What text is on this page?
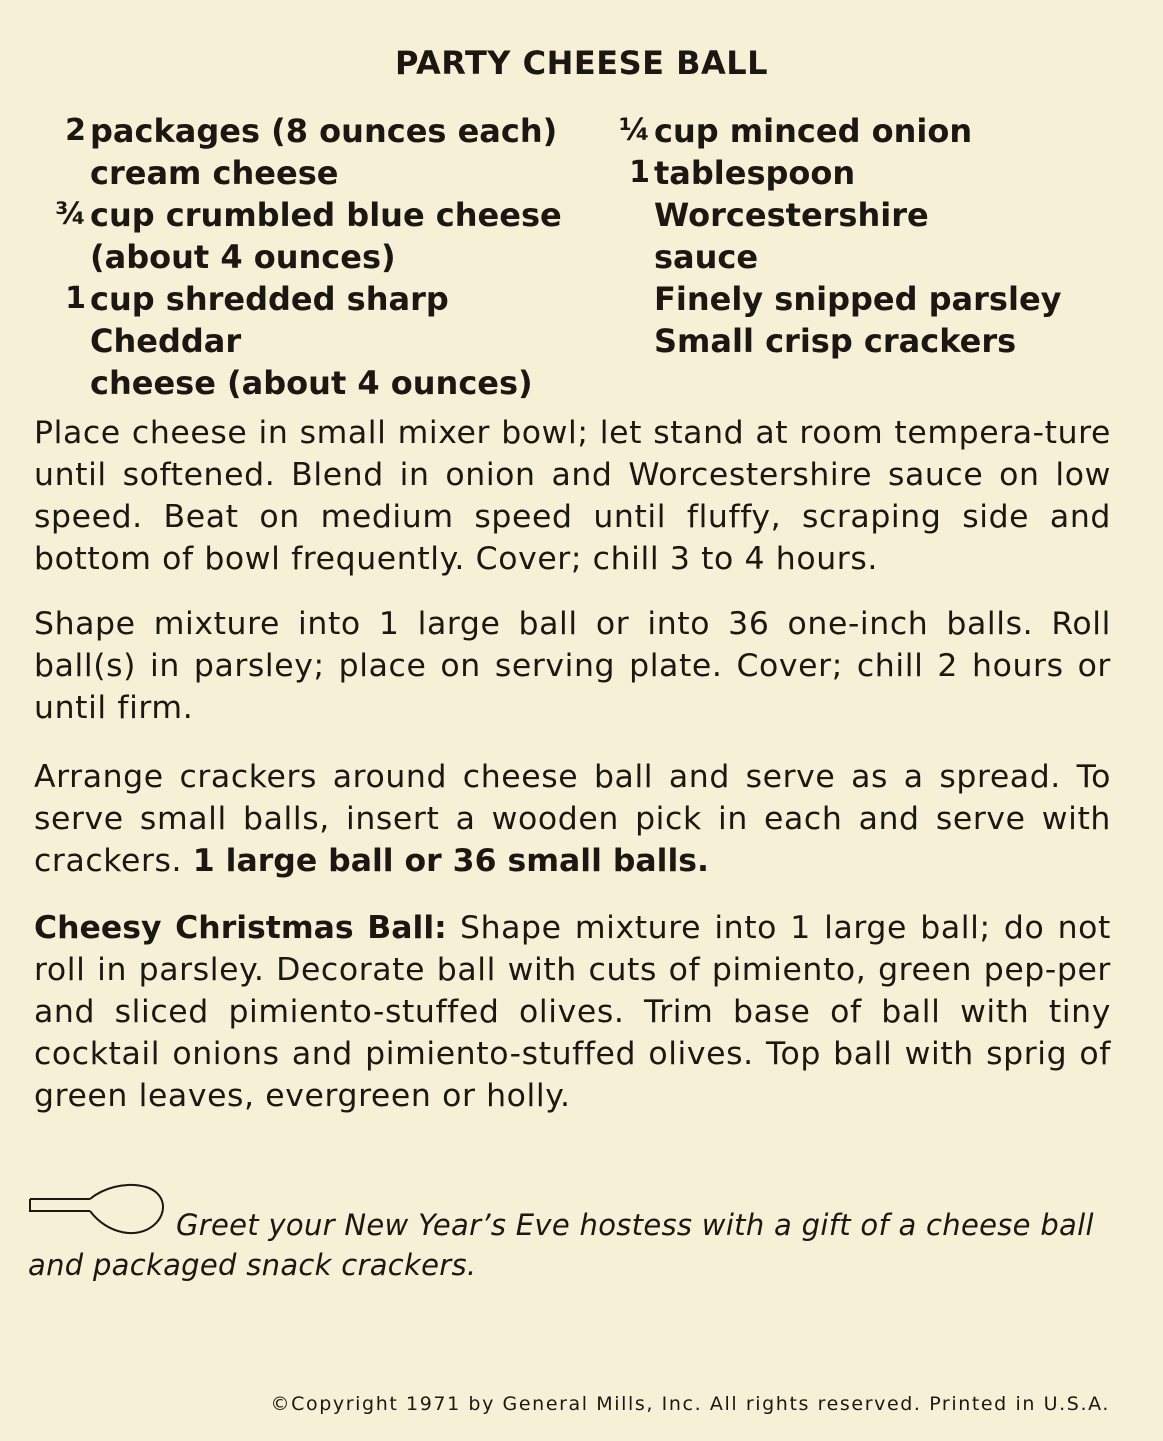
PARTY CHEESE BALL
2 packages (8 ounces each)
cream cheese
¾ cup crumbled blue cheese
(about 4 ounces)
1 cup shredded sharp Cheddar
cheese (about 4 ounces)
¼ cup minced onion
1 tablespoon Worcestershire
sauce
Finely snipped parsley
Small crisp crackers

Place cheese in small mixer bowl; let stand at room tempera-ture until softened. Blend in onion and Worcestershire sauce on low speed. Beat on medium speed until fluffy, scraping side and bottom of bowl frequently. Cover; chill 3 to 4 hours.

Shape mixture into 1 large ball or into 36 one-inch balls. Roll ball(s) in parsley; place on serving plate. Cover; chill 2 hours or until firm.

Arrange crackers around cheese ball and serve as a spread. To serve small balls, insert a wooden pick in each and serve with crackers. 1 large ball or 36 small balls.

Cheesy Christmas Ball: Shape mixture into 1 large ball; do not roll in parsley. Decorate ball with cuts of pimiento, green pep-per and sliced pimiento-stuffed olives. Trim base of ball with tiny cocktail onions and pimiento-stuffed olives. Top ball with sprig of green leaves, evergreen or holly.

Greet your New Year’s Eve hostess with a gift of a cheese ball and packaged snack crackers.

©Copyright 1971 by General Mills, Inc. All rights reserved. Printed in U.S.A.
